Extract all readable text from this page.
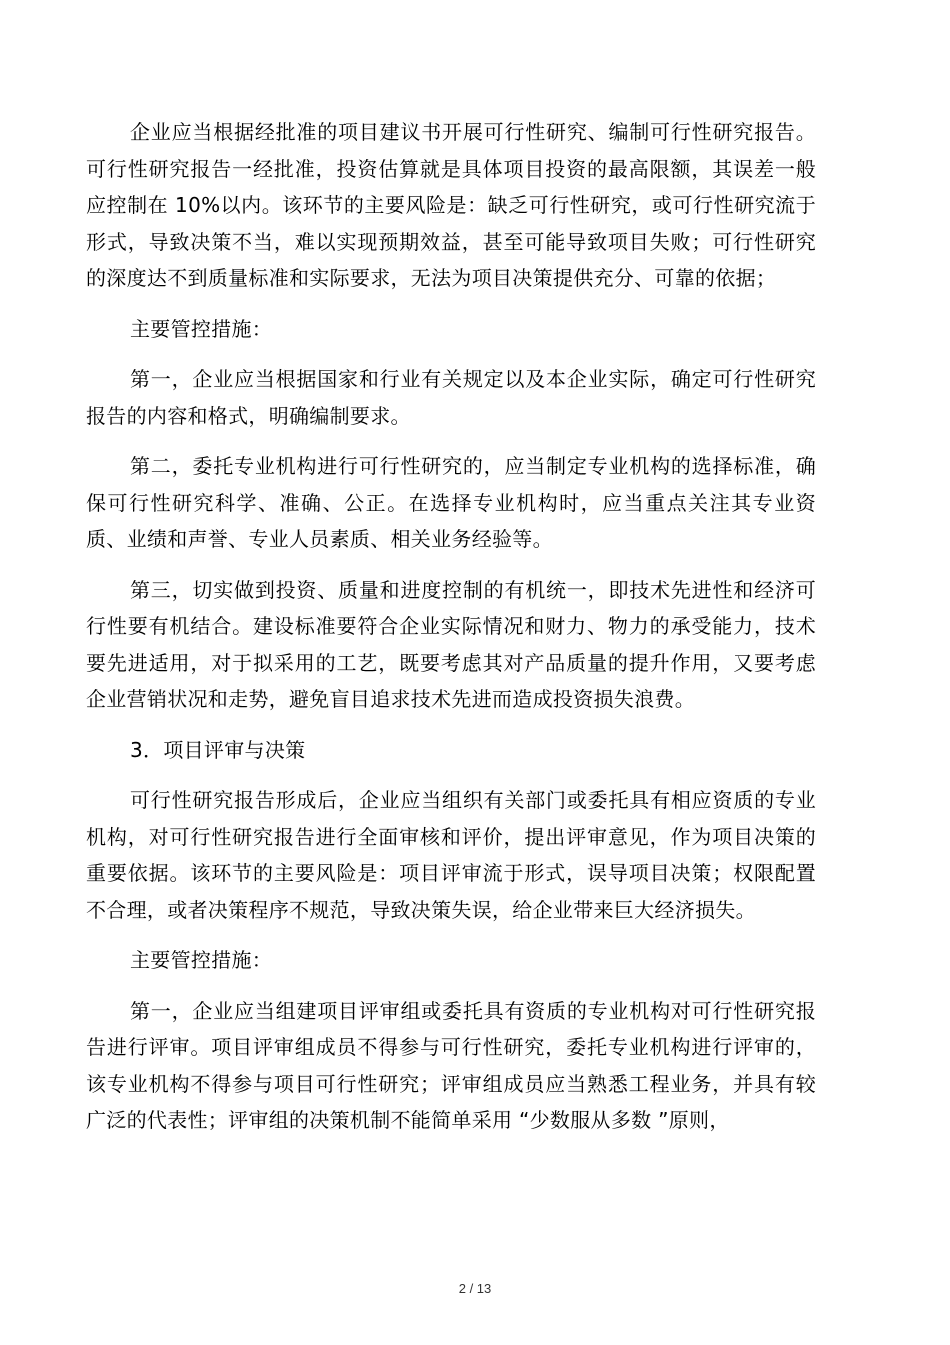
企业应当根据经批准的项目建议书开展可行性研究、编制可行性研究报告。可行性研究报告一经批准，投资估算就是具体项目投资的最高限额，其误差一般应控制在 10%以内。该环节的主要风险是：缺乏可行性研究，或可行性研究流于形式，导致决策不当，难以实现预期效益，甚至可能导致项目失败；可行性研究的深度达不到质量标准和实际要求，无法为项目决策提供充分、可靠的依据；

主要管控措施：

第一，企业应当根据国家和行业有关规定以及本企业实际，确定可行性研究报告的内容和格式，明确编制要求。

第二，委托专业机构进行可行性研究的，应当制定专业机构的选择标准，确保可行性研究科学、准确、公正。在选择专业机构时，应当重点关注其专业资质、业绩和声誉、专业人员素质、相关业务经验等。

第三，切实做到投资、质量和进度控制的有机统一，即技术先进性和经济可行性要有机结合。建设标准要符合企业实际情况和财力、物力的承受能力，技术要先进适用，对于拟采用的工艺，既要考虑其对产品质量的提升作用，又要考虑企业营销状况和走势，避免盲目追求技术先进而造成投资损失浪费。

3．项目评审与决策

可行性研究报告形成后，企业应当组织有关部门或委托具有相应资质的专业机构，对可行性研究报告进行全面审核和评价，提出评审意见，作为项目决策的重要依据。该环节的主要风险是：项目评审流于形式，误导项目决策；权限配置不合理，或者决策程序不规范，导致决策失误，给企业带来巨大经济损失。

主要管控措施：

第一，企业应当组建项目评审组或委托具有资质的专业机构对可行性研究报告进行评审。项目评审组成员不得参与可行性研究，委托专业机构进行评审的，该专业机构不得参与项目可行性研究；评审组成员应当熟悉工程业务，并具有较广泛的代表性；评审组的决策机制不能简单采用 “少数服从多数 ”原则，

2 / 13
